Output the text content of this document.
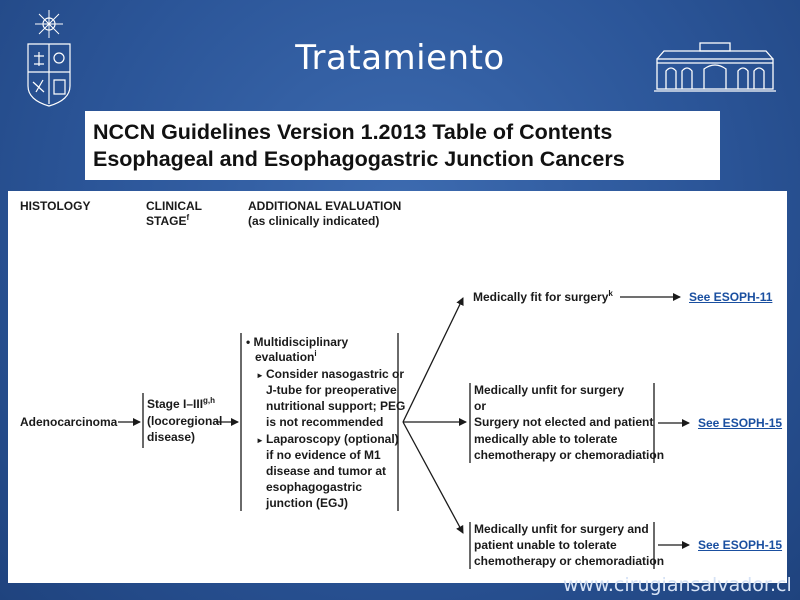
Tratamiento
NCCN Guidelines Version 1.2013 Table of Contents
Esophageal and Esophagogastric Junction Cancers
HISTOLOGY	CLINICAL
STAGE$^f$
ADDITIONAL EVALUATION
(as clinically indicated)
Adenocarcinoma
Stage I–III$^{g,h}$
(locoregional
disease)
• Multidisciplinary
evaluation$^i$
► Consider nasogastric or
J-tube for preoperative
nutritional support; PEG
is not recommended
► Laparoscopy (optional)
if no evidence of M1
disease and tumor at
esophagogastric
junction (EGJ)
Medically fit for surgery$^k$	See ESOPH-11
Medically unfit for surgery
or
Surgery not elected and patient
medically able to tolerate
chemotherapy or chemoradiation
See ESOPH-15
Medically unfit for surgery and
patient unable to tolerate
chemotherapy or chemoradiation
See ESOPH-15
www.cirugiansalvador.cl
